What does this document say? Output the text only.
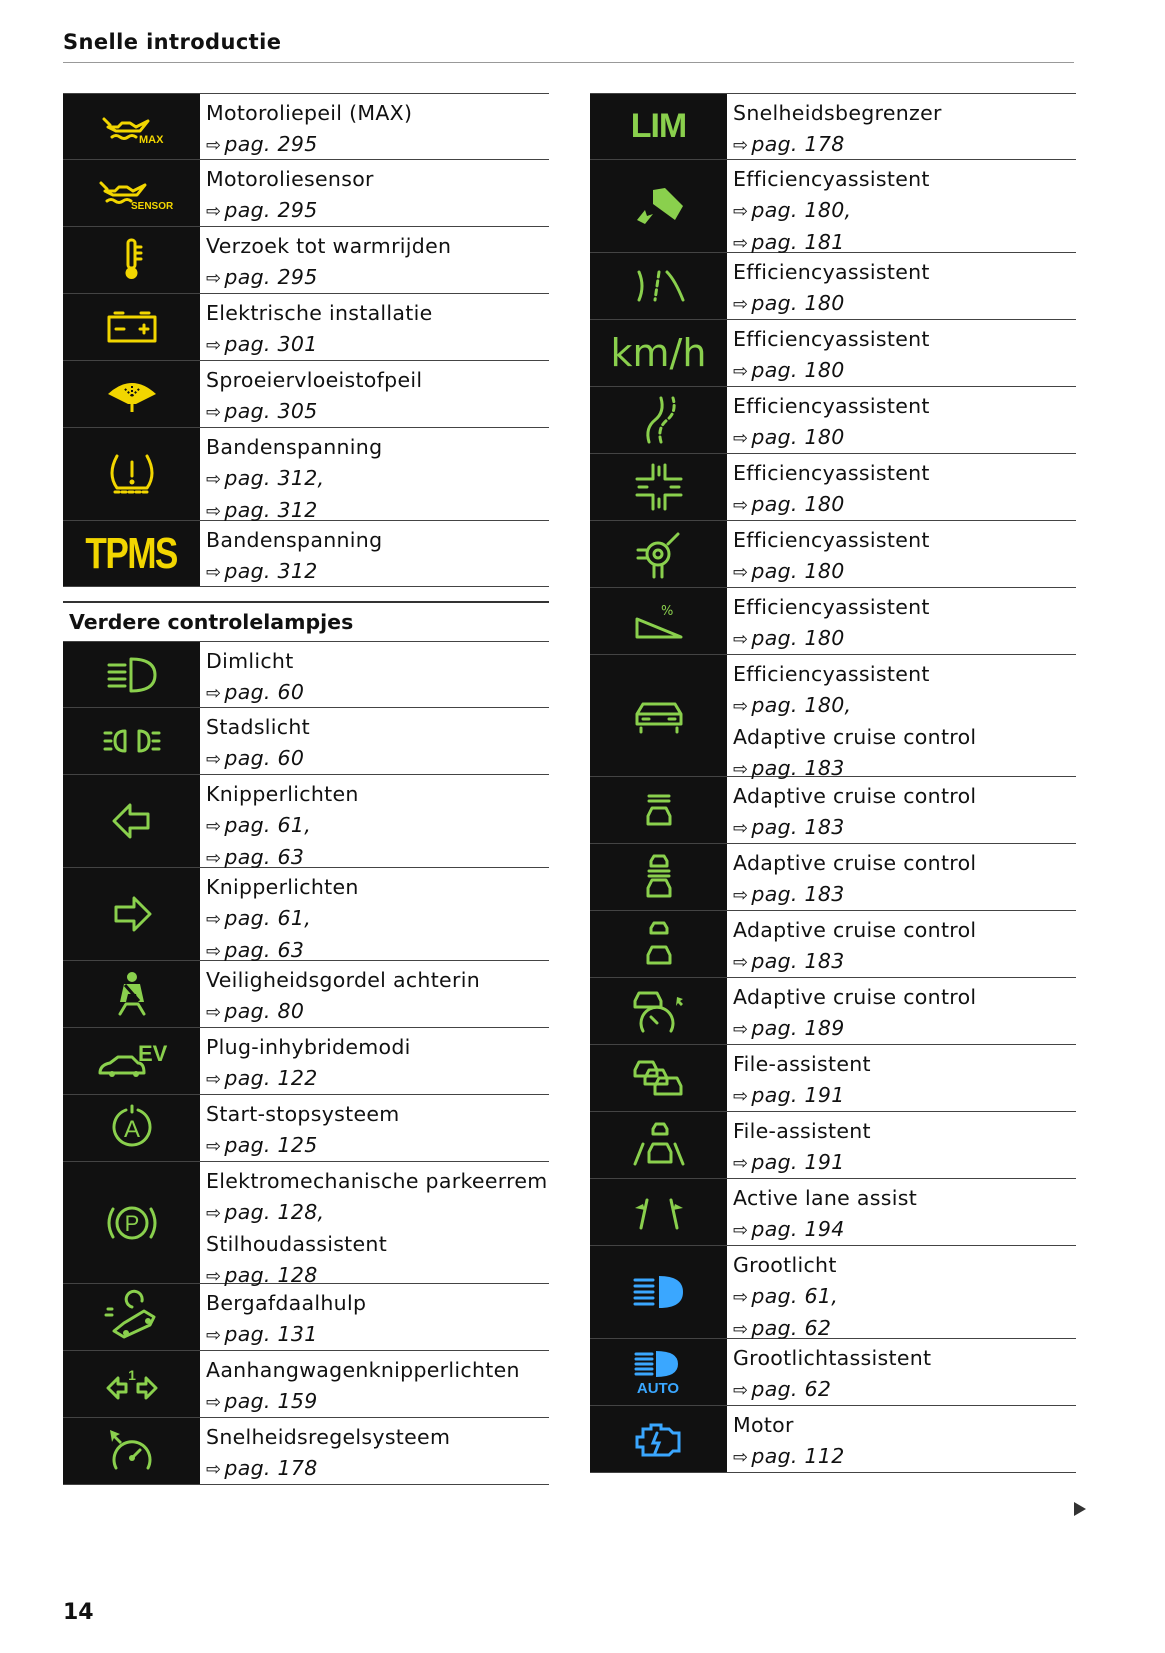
Snelle introductie
MAX
Motoroliepeil (MAX)
⇨ pag. 295
SENSOR
Motoroliesensor
⇨ pag. 295
Verzoek tot warmrijden
⇨ pag. 295
Elektrische installatie
⇨ pag. 301
Sproeiervloeistofpeil
⇨ pag. 305
Bandenspanning
⇨ pag. 312,
⇨ pag. 312
TPMS Bandenspanning
⇨ pag. 312
Verdere controlelampjes
Dimlicht
⇨ pag. 60
Stadslicht
⇨ pag. 60
Knipperlichten
⇨ pag. 61,
⇨ pag. 63
Knipperlichten
⇨ pag. 61,
⇨ pag. 63
Veiligheidsgordel achterin
⇨ pag. 80
EV Plug-inhybridemodi
⇨ pag. 122
A
Start-stopsysteem
⇨ pag. 125
P
Elektromechanische parkeerrem
⇨ pag. 128,
Stilhoudassistent
⇨ pag. 128
Bergafdaalhulp
⇨ pag. 131
1	Aanhangwagenknipperlichten
⇨ pag. 159
Snelheidsregelsysteem
⇨ pag. 178
LIM Snelheidsbegrenzer
⇨ pag. 178
Efficiencyassistent
⇨ pag. 180,
⇨ pag. 181
Efficiencyassistent
⇨ pag. 180
km/h Efficiencyassistent
⇨ pag. 180
Efficiencyassistent
⇨ pag. 180
Efficiencyassistent
⇨ pag. 180
Efficiencyassistent
⇨ pag. 180
%	Efficiencyassistent
⇨ pag. 180
Efficiencyassistent
⇨ pag. 180,
Adaptive cruise control
⇨ pag. 183
Adaptive cruise control
⇨ pag. 183
Adaptive cruise control
⇨ pag. 183
Adaptive cruise control
⇨ pag. 183
Adaptive cruise control
⇨ pag. 189
File-assistent
⇨ pag. 191
File-assistent
⇨ pag. 191
Active lane assist
⇨ pag. 194
Grootlicht
⇨ pag. 61,
⇨ pag. 62
AUTO
Grootlichtassistent
⇨ pag. 62
Motor
⇨ pag. 112
14
